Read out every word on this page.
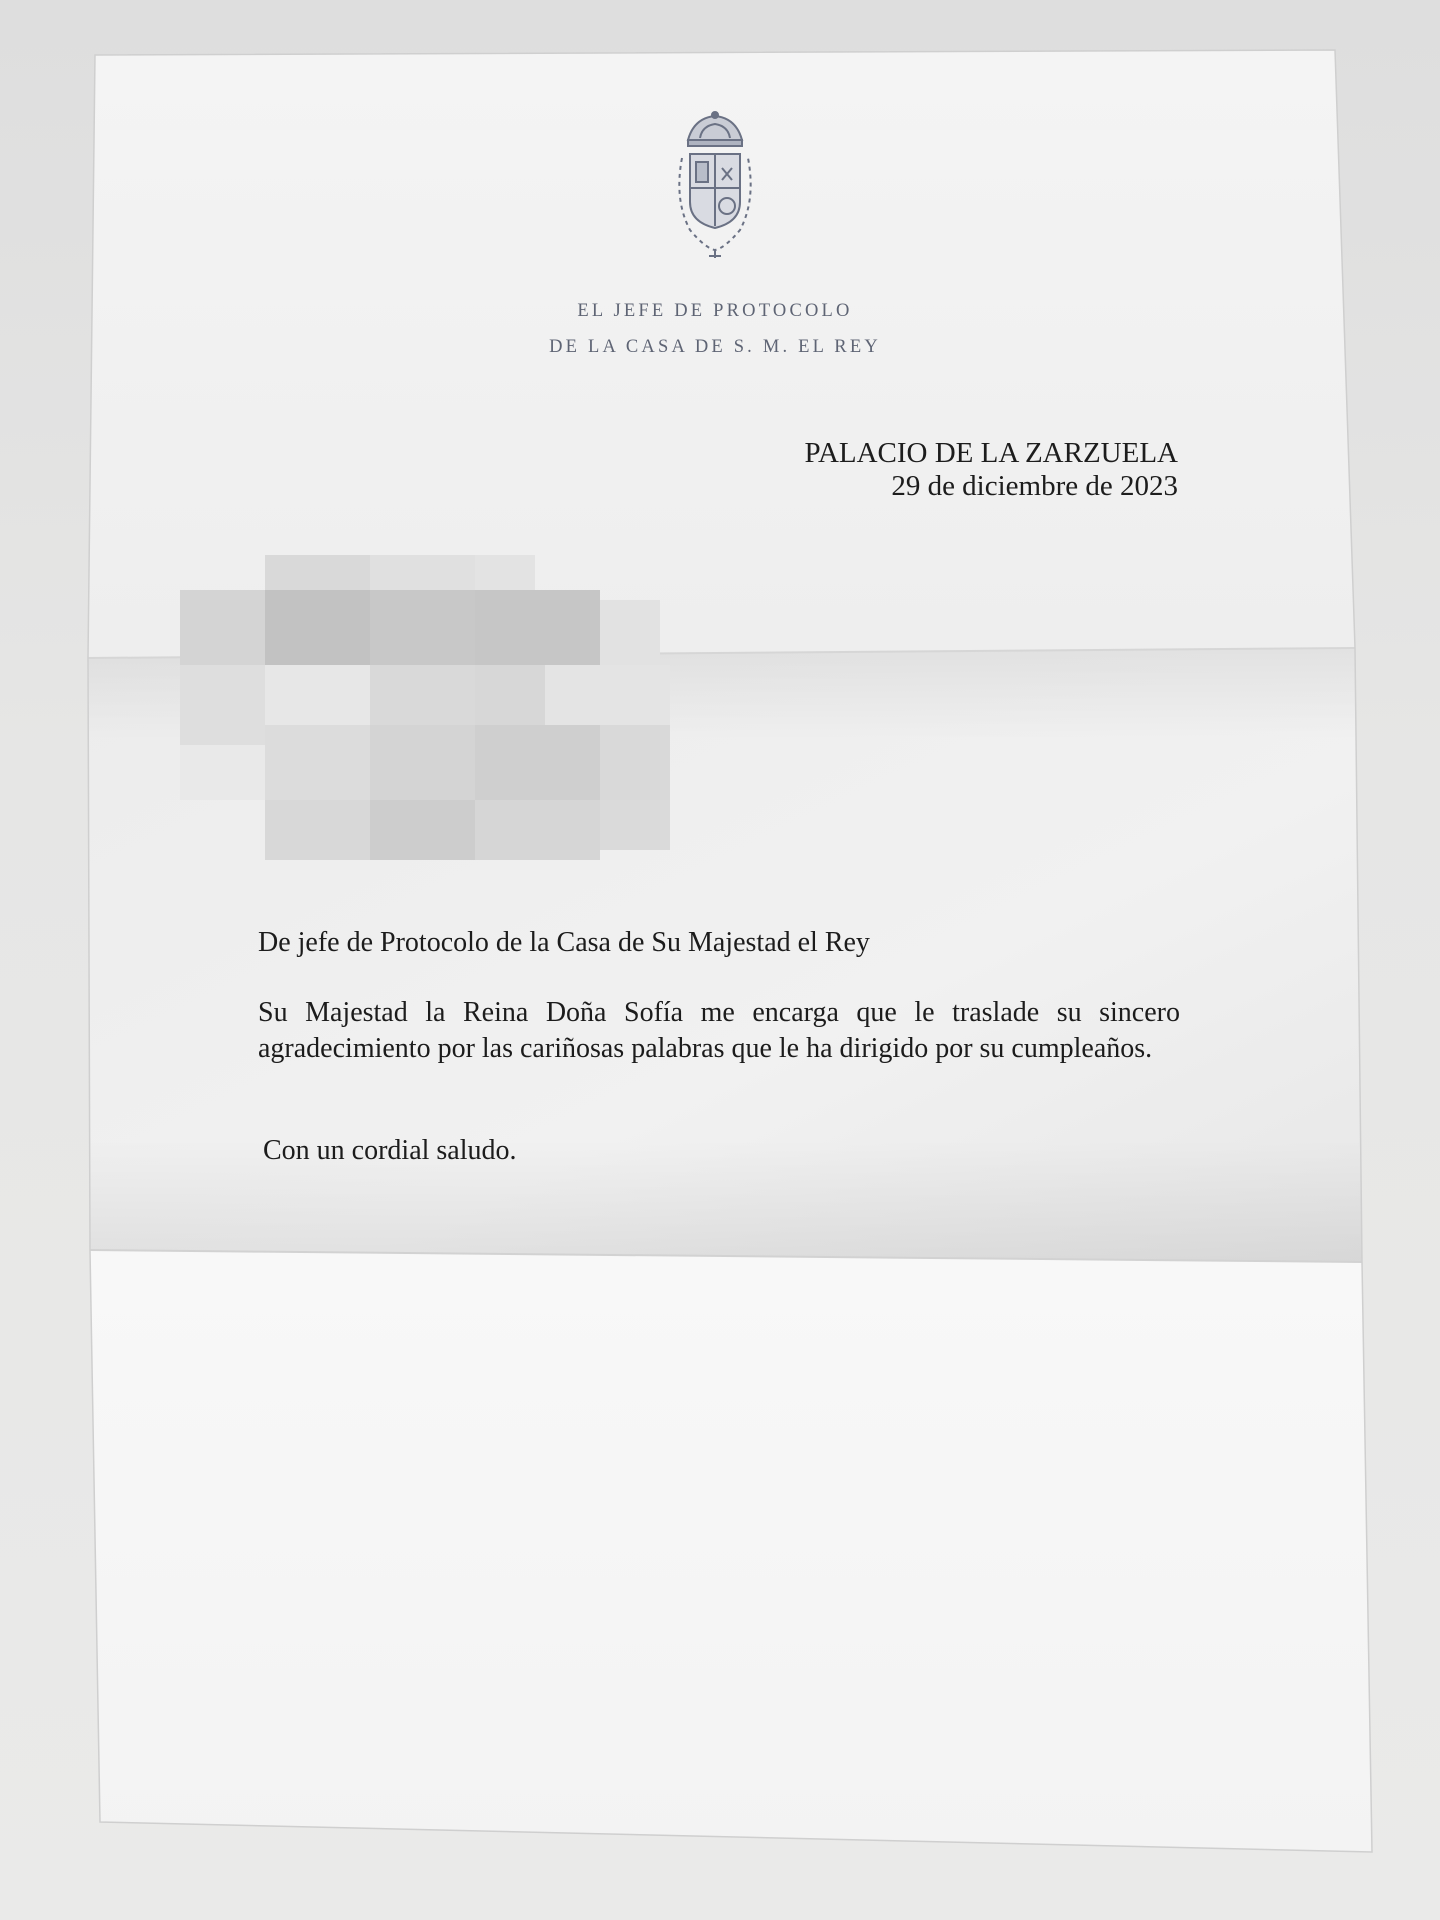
EL JEFE DE PROTOCOLO
DE LA CASA DE S. M. EL REY
PALACIO DE LA ZARZUELA
29 de diciembre de 2023
De jefe de Protocolo de la Casa de Su Majestad el Rey
Su Majestad la Reina Doña Sofía me encarga que le traslade su sincero agradecimiento por las cariñosas palabras que le ha dirigido por su cumpleaños.
Con un cordial saludo.
